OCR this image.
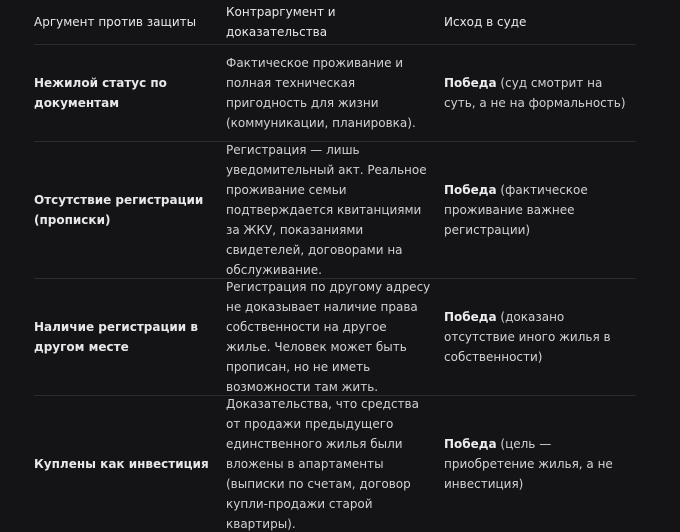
Аргумент против защиты
Контраргумент и доказательства
Исход в суде
Нежилой статус по документам
Фактическое проживание и полная техническая пригодность для жизни (коммуникации, планировка).
Победа (суд смотрит на суть, а не на формальность)
Отсутствие регистрации (прописки)
Регистрация — лишь уведомительный акт. Реальное проживание семьи подтверждается квитанциями за ЖКУ, показаниями свидетелей, договорами на обслуживание.
Победа (фактическое проживание важнее регистрации)
Наличие регистрации в другом месте
Регистрация по другому адресу не доказывает наличие права собственности на другое жилье. Человек может быть прописан, но не иметь возможности там жить.
Победа (доказано отсутствие иного жилья в собственности)
Куплены как инвестиция
Доказательства, что средства от продажи предыдущего единственного жилья были вложены в апартаменты (выписки по счетам, договор купли-продажи старой квартиры).
Победа (цель — приобретение жилья, а не инвестиция)
